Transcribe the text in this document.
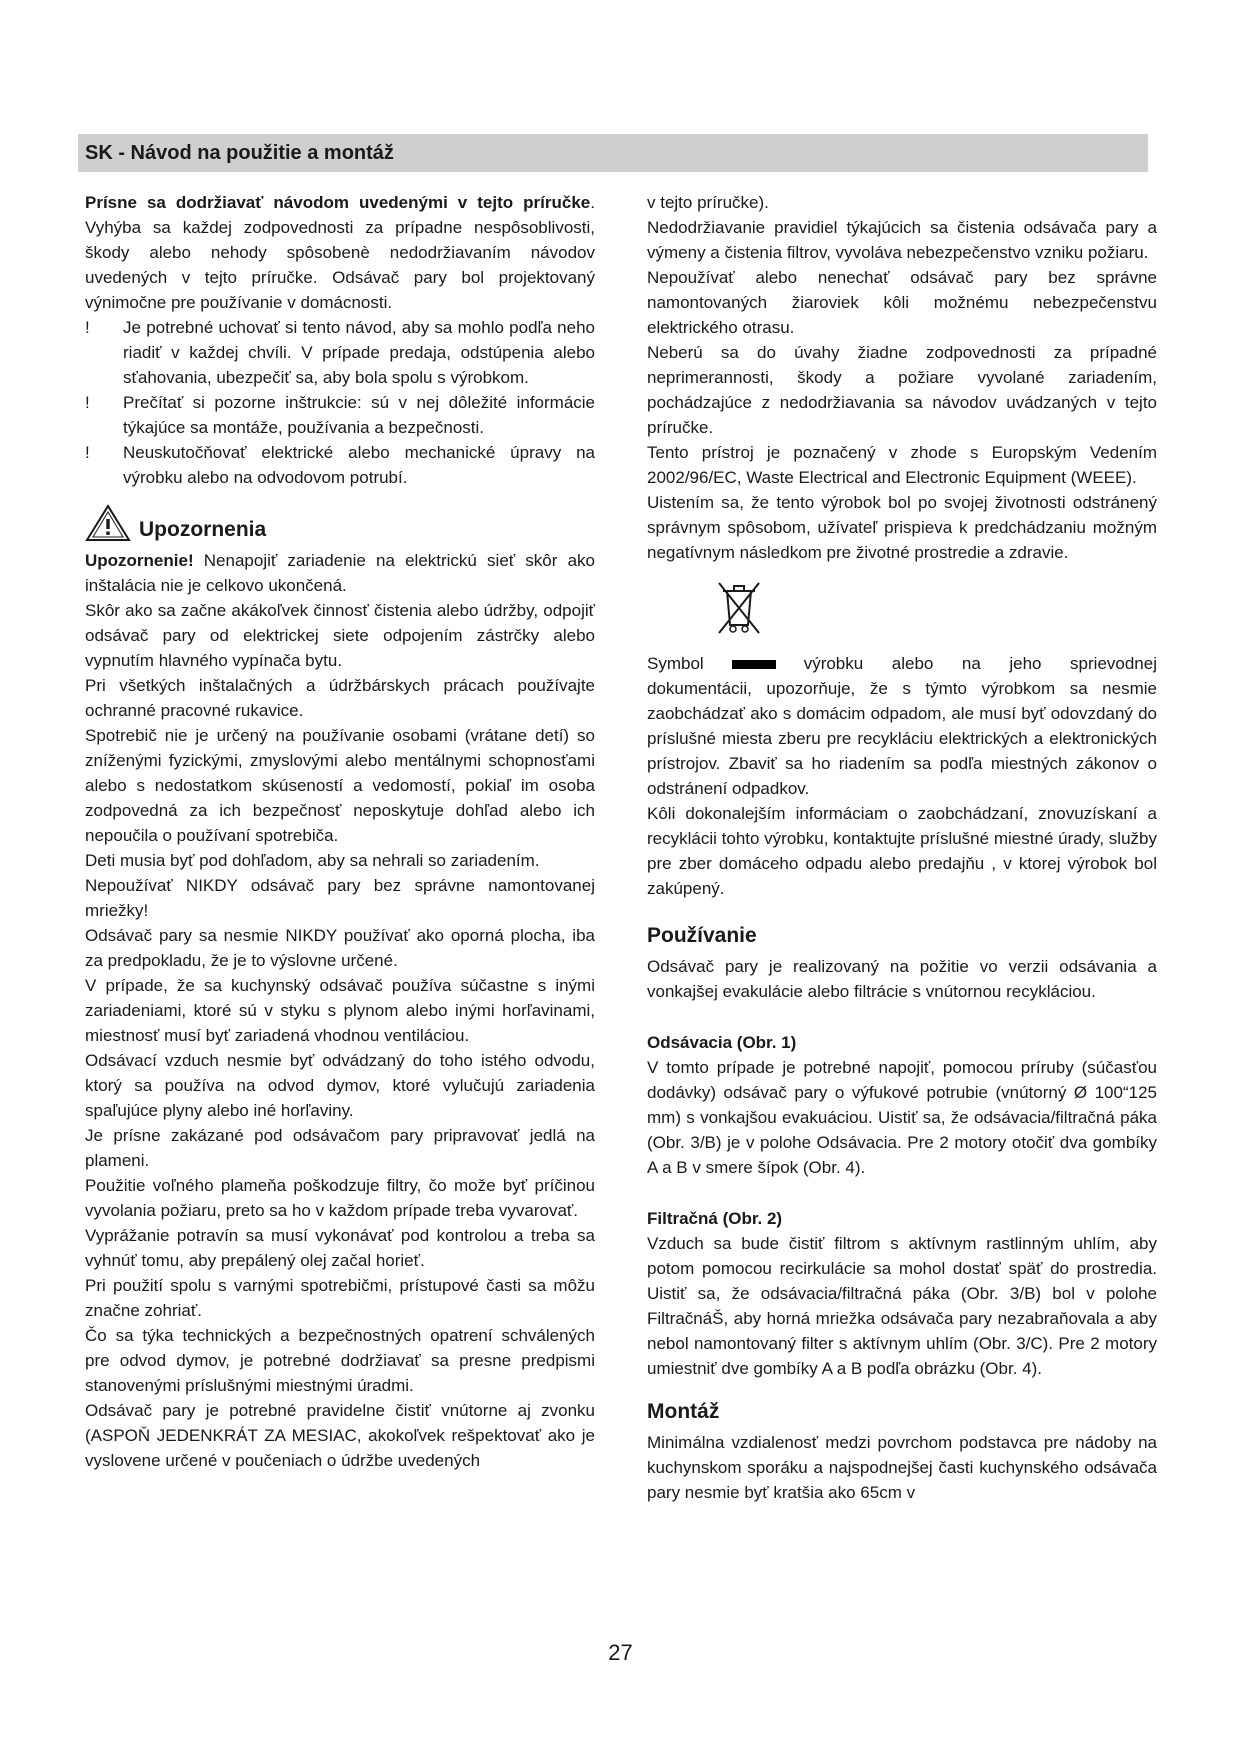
SK - Návod na použitie a montáž

Prísne sa dodržiavať návodom uvedenými v tejto príručke. Vyhýba sa každej zodpovednosti za prípadne nespôsoblivosti, škody alebo nehody spôsobenè nedodržiavaním návodov uvedených v tejto príručke. Odsávač pary bol projektovaný výnimočne pre používanie v domácnosti.

!	Je potrebné uchovať si tento návod, aby sa mohlo podľa neho riadiť v každej chvíli. V prípade predaja, odstúpenia alebo sťahovania, ubezpečiť sa, aby bola spolu s výrobkom.
!	Prečítať si pozorne inštrukcie: sú v nej dôležité informácie týkajúce sa montáže, používania a bezpečnosti.
!	Neuskutočňovať elektrické alebo mechanické úpravy na výrobku alebo na odvodovom potrubí.
Upozornenia

Upozornenie! Nenapojiť zariadenie na elektrickú sieť skôr ako inštalácia nie je celkovo ukončená.

Skôr ako sa začne akákoľvek činnosť čistenia alebo údržby, odpojiť odsávač pary od elektrickej siete odpojením zástrčky alebo vypnutím hlavného vypínača bytu.

Pri všetkých inštalačných a údržbárskych prácach používajte ochranné pracovné rukavice.

Spotrebič nie je určený na používanie osobami (vrátane detí) so zníženými fyzickými, zmyslovými alebo mentálnymi schopnosťami alebo s nedostatkom skúseností a vedomostí, pokiaľ im osoba zodpovedná za ich bezpečnosť neposkytuje dohľad alebo ich nepoučila o používaní spotrebiča.

Deti musia byť pod dohľadom, aby sa nehrali so zariadením.

Nepoužívať NIKDY odsávač pary bez správne namontovanej mriežky!

Odsávač pary sa nesmie NIKDY používať ako oporná plocha, iba za predpokladu, že je to výslovne určené.

V prípade, že sa kuchynský odsávač používa súčastne s inými zariadeniami, ktoré sú v styku s plynom alebo inými horľavinami, miestnosť musí byť zariadená vhodnou ventiláciou.

Odsávací vzduch nesmie byť odvádzaný do toho istého odvodu, ktorý sa používa na odvod dymov, ktoré vylučujú zariadenia spaľujúce plyny alebo iné horľaviny.

Je prísne zakázané pod odsávačom pary pripravovať jedlá na plameni.

Použitie voľného plameňa poškodzuje filtry, čo može byť príčinou vyvolania požiaru, preto sa ho v každom prípade treba vyvarovať.

Vyprážanie potravín sa musí vykonávať pod kontrolou a treba sa vyhnúť tomu, aby prepálený olej začal horieť.

Pri použití spolu s varnými spotrebičmi, prístupové časti sa môžu značne zohriať.

Čo sa týka technických a bezpečnostných opatrení schválených pre odvod dymov, je potrebné dodržiavať sa presne predpismi stanovenými príslušnými miestnými úradmi.

Odsávač pary je potrebné pravidelne čistiť vnútorne aj zvonku (ASPOŇ JEDENKRÁT ZA MESIAC, akokoľvek rešpektovať ako je vyslovene určené v poučeniach o údržbe uvedených

v tejto príručke).

Nedodržiavanie pravidiel týkajúcich sa čistenia odsávača pary a výmeny a čistenia filtrov, vyvoláva nebezpečenstvo vzniku požiaru.

Nepoužívať alebo nenechať odsávač pary bez správne namontovaných žiaroviek kôli možnému nebezpečenstvu elektrického otrasu.

Neberú sa do úvahy žiadne zodpovednosti za prípadné neprimerannosti, škody a požiare vyvolané zariadením, pochádzajúce z nedodržiavania sa návodov uvádzaných v tejto príručke.

Tento prístroj je poznačený v zhode s Europským Vedením 2002/96/EC, Waste Electrical and Electronic Equipment (WEEE).

Uistením sa, že tento výrobok bol po svojej životnosti odstránený správnym spôsobom, užívateľ prispieva k predchádzaniu možným negatívnym následkom pre životné prostredie a zdravie.

Symbol	výrobku alebo na jeho sprievodnej dokumentácii, upozorňuje, že s týmto výrobkom sa nesmie zaobchádzať ako s domácim odpadom, ale musí byť odovzdaný do príslušné miesta zberu pre recykláciu elektrických a elektronických prístrojov. Zbaviť sa ho riadením sa podľa miestných zákonov o odstránení odpadkov.

Kôli dokonalejším informáciam o zaobchádzaní, znovuzískaní a recyklácii tohto výrobku, kontaktujte príslušné miestné úrady, služby pre zber domáceho odpadu alebo predajňu , v ktorej výrobok bol zakúpený.

Používanie

Odsávač pary je realizovaný na požitie vo verzii odsávania a vonkajšej evakulácie alebo filtrácie s vnútornou recykláciou.

Odsávacia (Obr. 1)

V tomto prípade je potrebné napojiť, pomocou príruby (súčasťou dodávky) odsávač pary o výfukové potrubie (vnútorný Ø 100“125 mm) s vonkajšou evakuáciou. Uistiť sa, že odsávacia/filtračná páka (Obr. 3/B) je v polohe Odsávacia. Pre 2 motory otočiť dva gombíky A a B v smere šípok (Obr. 4).

Filtračná (Obr. 2)

Vzduch sa bude čistiť filtrom s aktívnym rastlinným uhlím, aby potom pomocou recirkulácie sa mohol dostať späť do prostredia. Uistiť sa, že odsávacia/filtračná páka (Obr. 3/B) bol v polohe FiltračnáŠ, aby horná mriežka odsávača pary nezabraňovala a aby nebol namontovaný filter s aktívnym uhlím (Obr. 3/C). Pre 2 motory umiestniť dve gombíky A a B podľa obrázku (Obr. 4).

Montáž

Minimálna vzdialenosť medzi povrchom podstavca pre nádoby na kuchynskom sporáku a najspodnejšej časti kuchynského odsávača pary nesmie byť kratšia ako 65cm v

27
